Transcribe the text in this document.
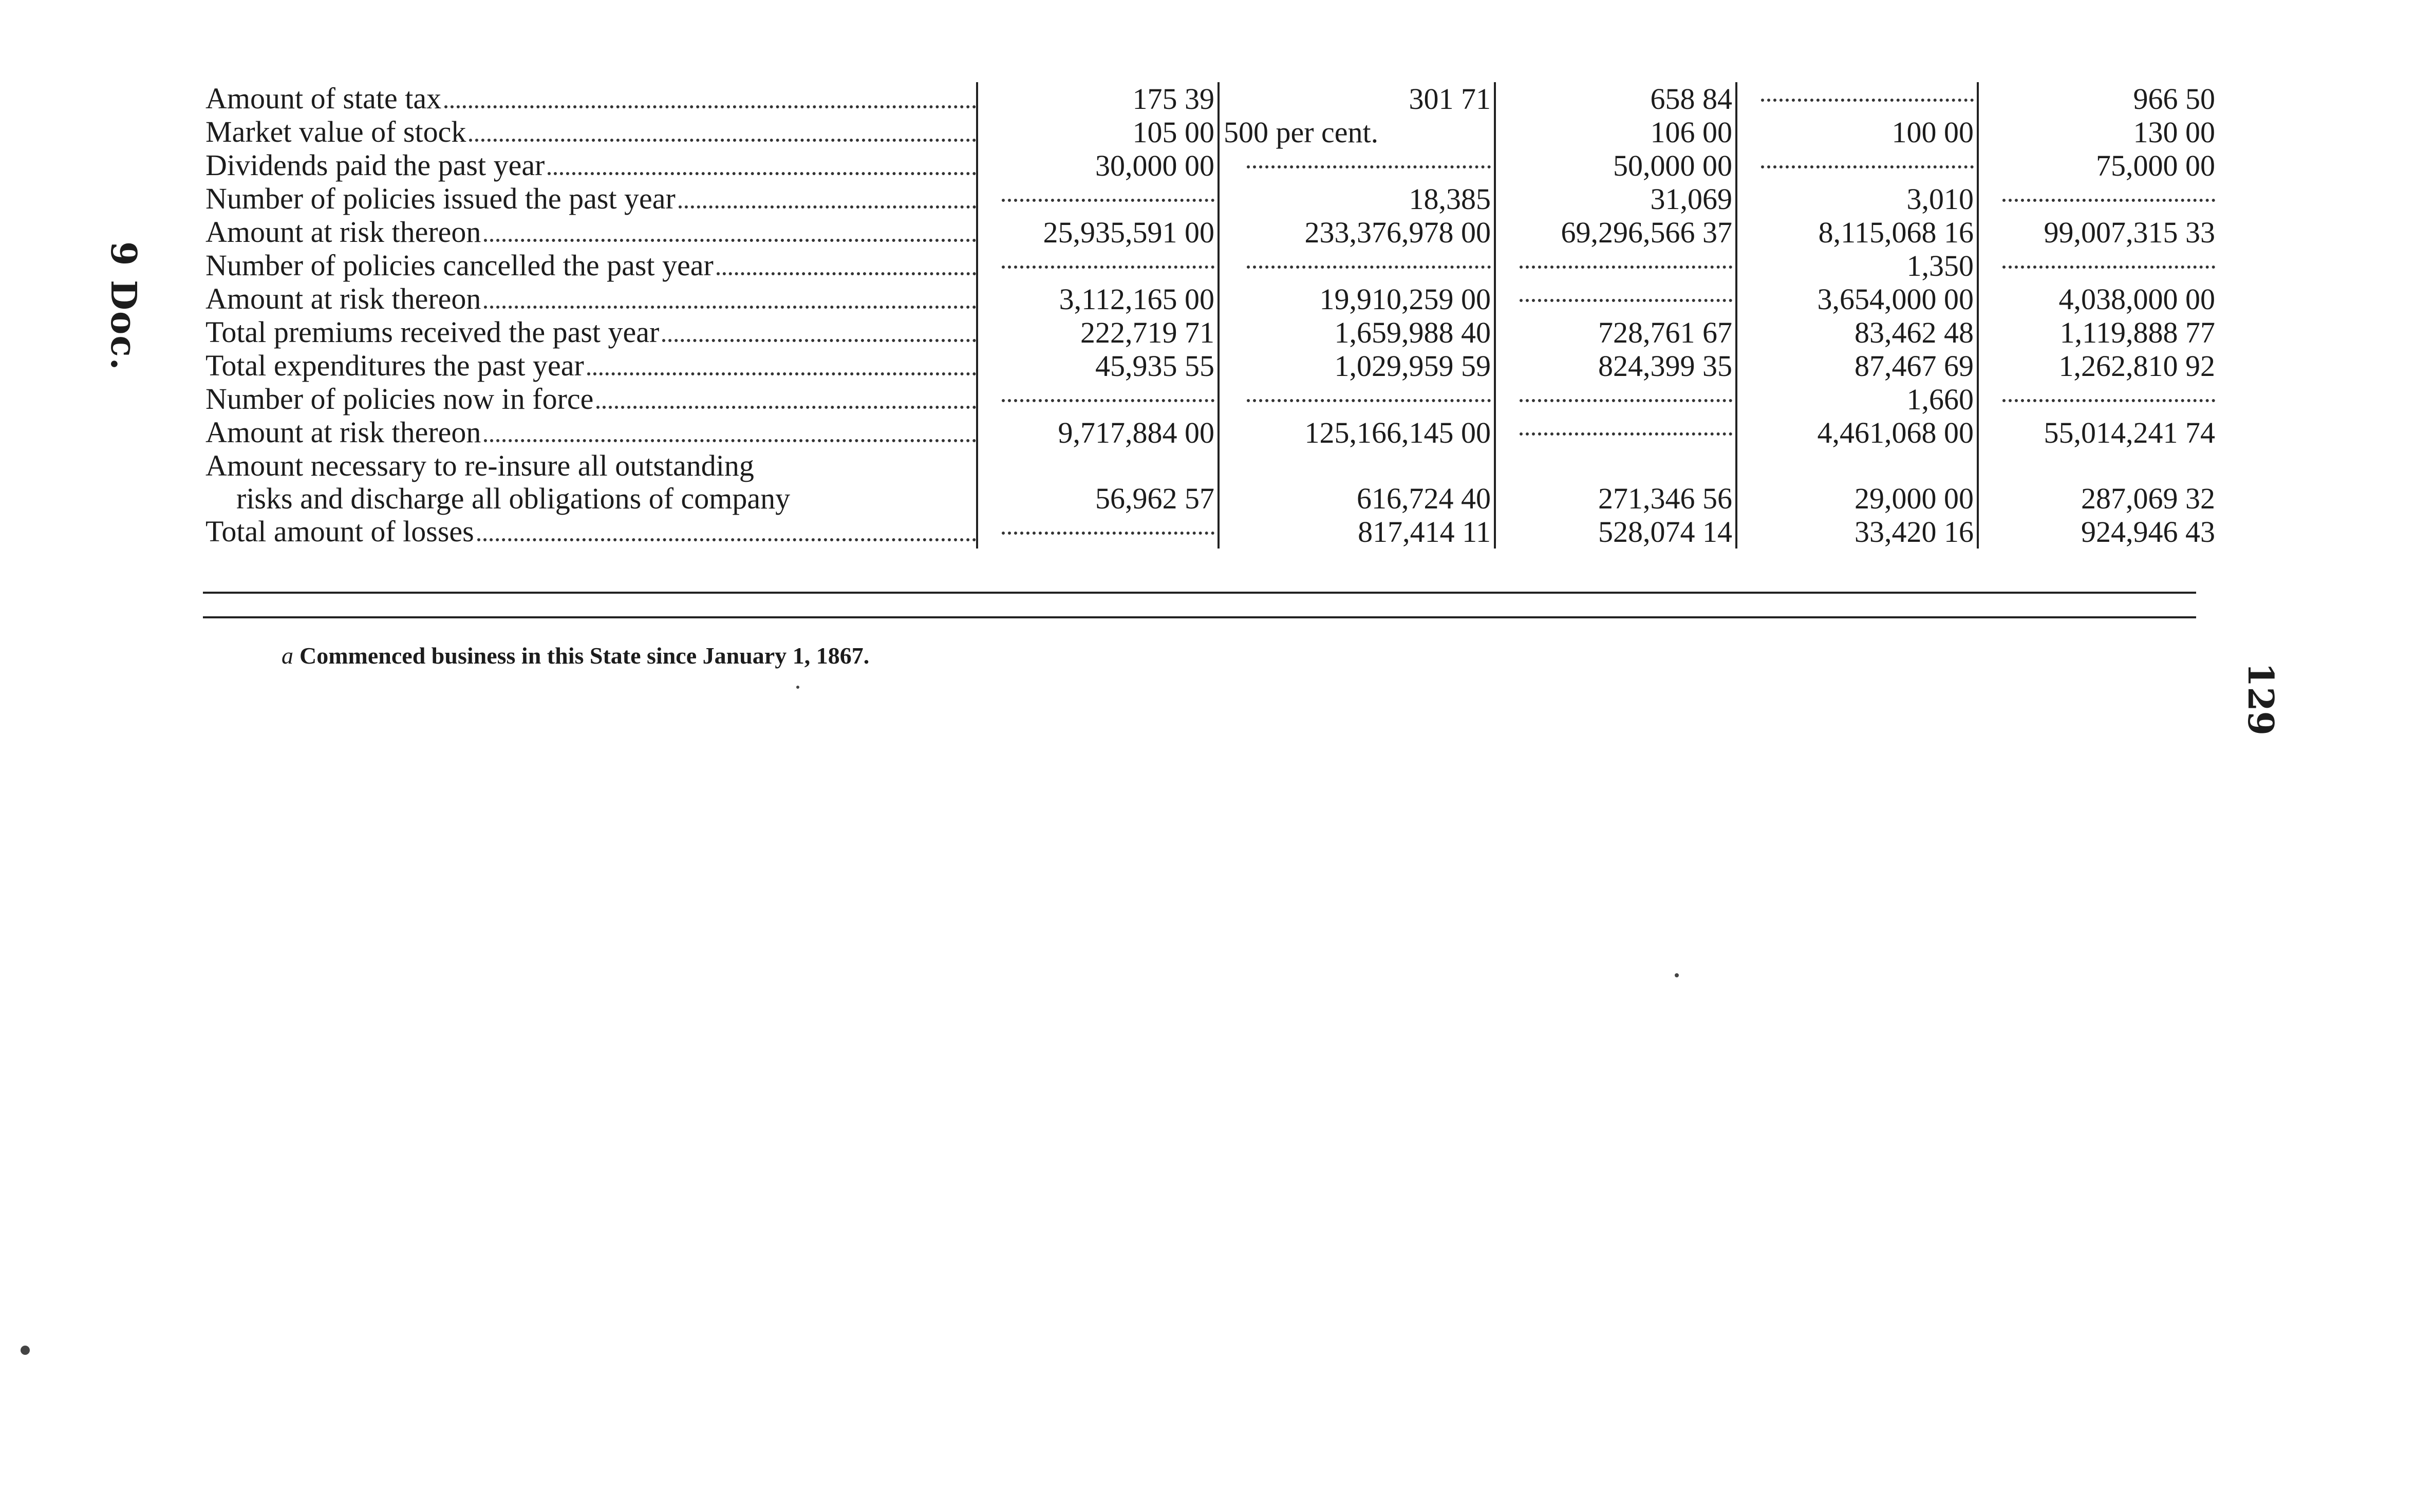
9 Doc.
129
Amount of state tax	175 39	301 71	658 84		966 50

Market value of stock	105 00	500 per cent.	106 00	100 00	130 00

Dividends paid the past year	30,000 00		50,000 00		75,000 00

Number of policies issued the past year		18,385	31,069	3,010	

Amount at risk thereon	25,935,591 00	233,376,978 00	69,296,566 37	8,115,068 16	99,007,315 33

Number of policies cancelled the past year				1,350	

Amount at risk thereon	3,112,165 00	19,910,259 00		3,654,000 00	4,038,000 00

Total premiums received the past year	222,719 71	1,659,988 40	728,761 67	83,462 48	1,119,888 77

Total expenditures the past year	45,935 55	1,029,959 59	824,399 35	87,467 69	1,262,810 92

Number of policies now in force				1,660	

Amount at risk thereon	9,717,884 00	125,166,145 00		4,461,068 00	55,014,241 74
Amount necessary to re-insure all outstanding					
risks and discharge all obligations of company	56,962 57	616,724 40	271,346 56	29,000 00	287,069 32

Total amount of losses		817,414 11	528,074 14	33,420 16	924,946 43
a Commenced business in this State since January 1, 1867.
